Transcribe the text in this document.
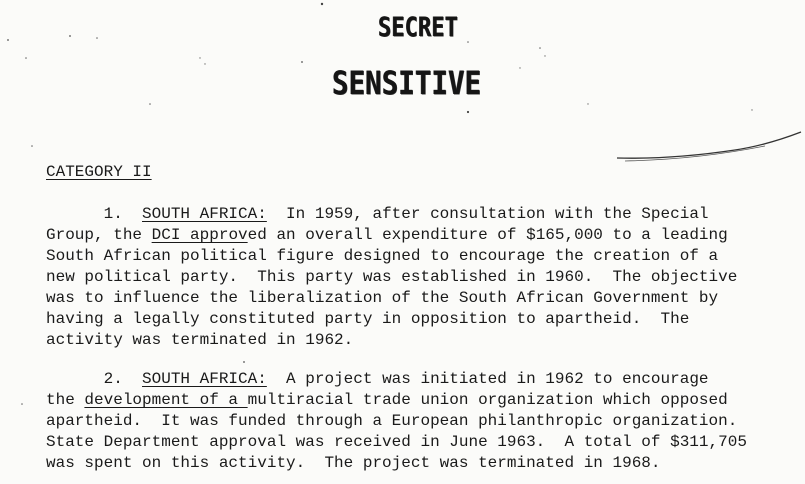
SECRET
SENSITIVE
CATEGORY II
1. SOUTH AFRICA:  In 1959, after consultation with the Special
Group, the DCI approved an overall expenditure of $165,000 to a leading
South African political figure designed to encourage the creation of a
new political party.  This party was established in 1960.  The objective
was to influence the liberalization of the South African Government by
having a legally constituted party in opposition to apartheid.  The
activity was terminated in 1962.
2. SOUTH AFRICA:  A project was initiated in 1962 to encourage
the development of a multiracial trade union organization which opposed
apartheid.  It was funded through a European philanthropic organization.
State Department approval was received in June 1963.  A total of $311,705
was spent on this activity.  The project was terminated in 1968.
